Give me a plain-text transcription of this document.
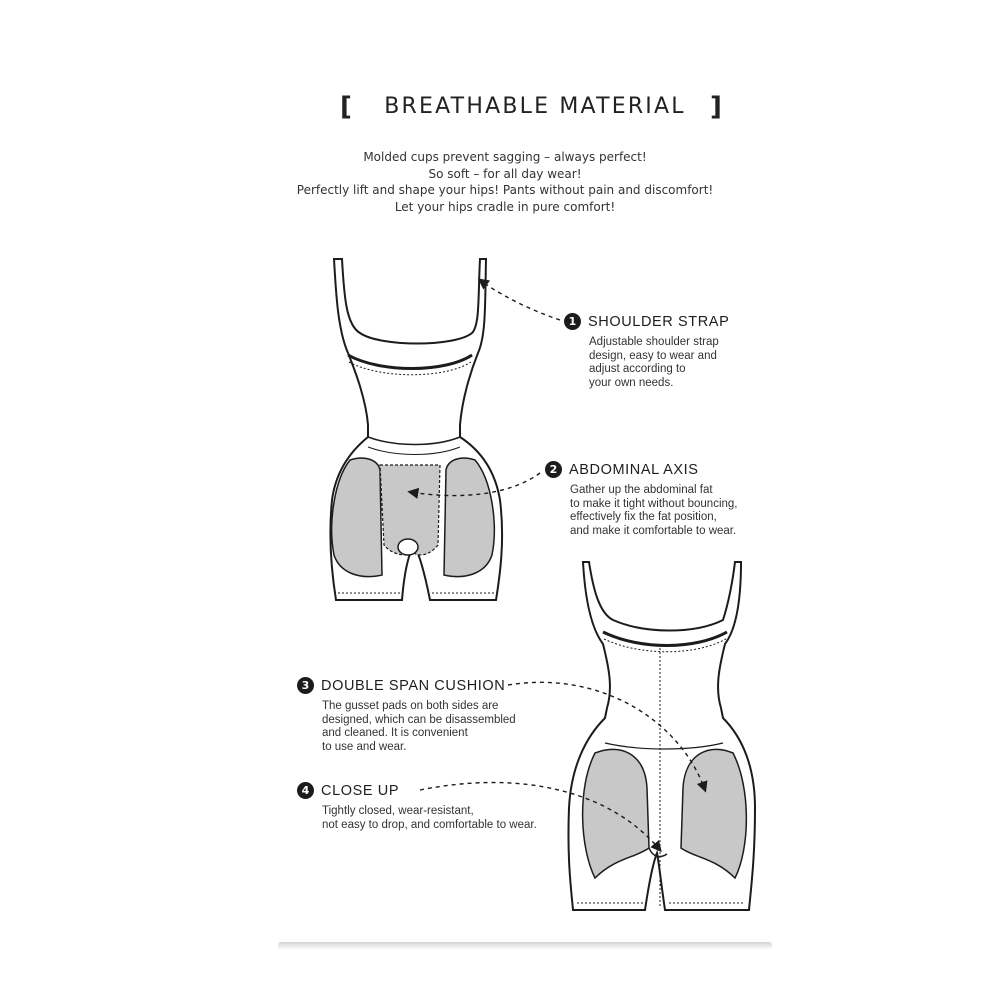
[	BREATHABLE MATERIAL ]
Molded cups prevent sagging – always perfect!
So soft – for all day wear!
Perfectly lift and shape your hips! Pants without pain and discomfort!
Let your hips cradle in pure comfort!
1 SHOULDER STRAP
Adjustable shoulder strap
design, easy to wear and
adjust according to
your own needs.
2 ABDOMINAL AXIS
Gather up the abdominal fat
to make it tight without bouncing,
effectively fix the fat position,
and make it comfortable to wear.
3 DOUBLE SPAN CUSHION
The gusset pads on both sides are
designed, which can be disassembled
and cleaned. It is convenient
to use and wear.
4 CLOSE UP
Tightly closed, wear-resistant,
not easy to drop, and comfortable to wear.
